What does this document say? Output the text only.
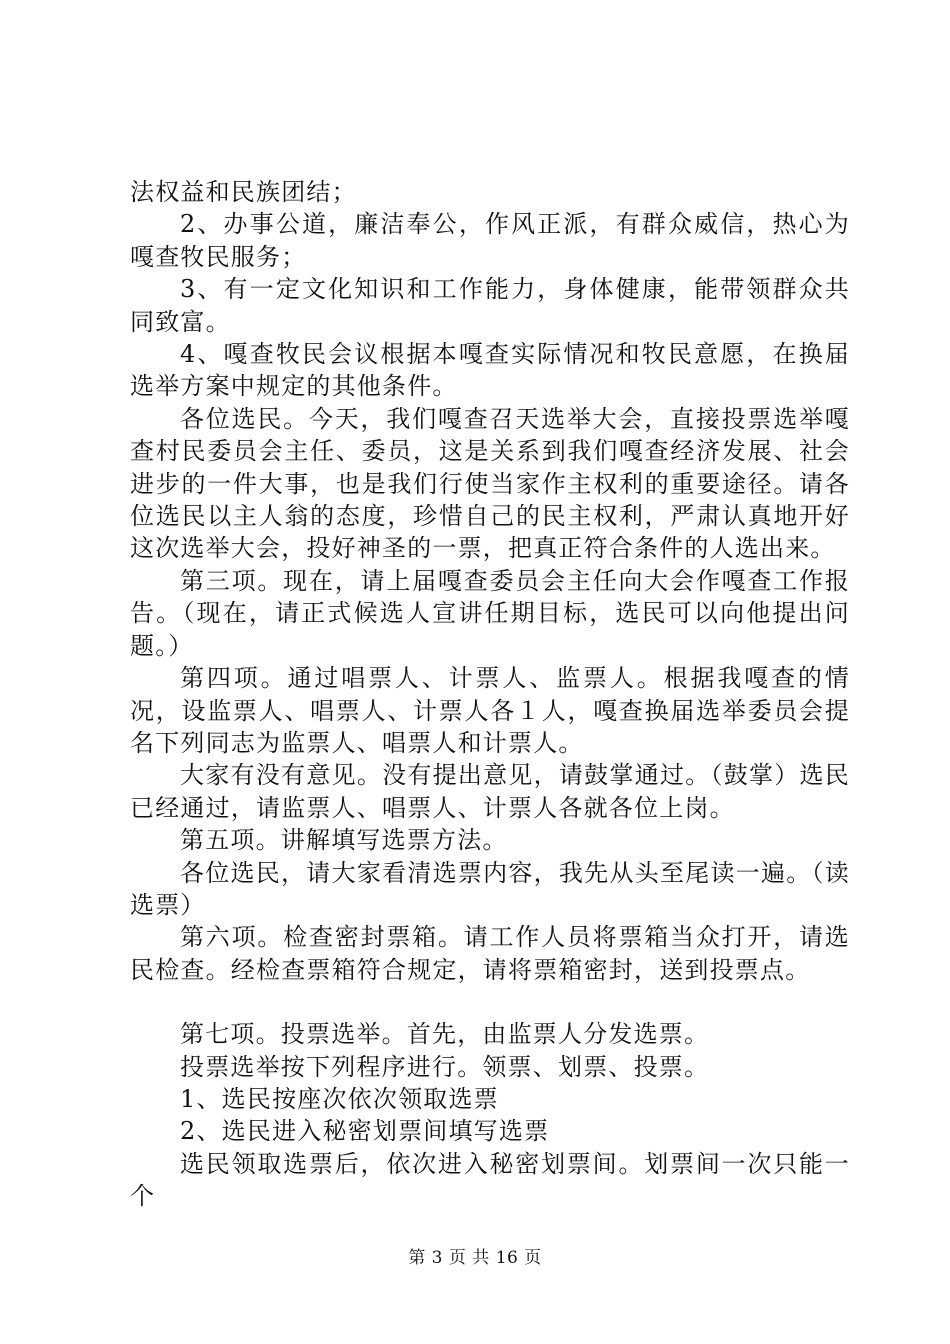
法权益和民族团结；

2、办事公道，廉洁奉公，作风正派，有群众威信，热心为嘎查牧民服务；

3、有一定文化知识和工作能力，身体健康，能带领群众共同致富。

4、嘎查牧民会议根据本嘎查实际情况和牧民意愿，在换届选举方案中规定的其他条件。

各位选民。今天，我们嘎查召天选举大会，直接投票选举嘎查村民委员会主任、委员，这是关系到我们嘎查经济发展、社会进步的一件大事，也是我们行使当家作主权利的重要途径。请各位选民以主人翁的态度，珍惜自己的民主权利，严肃认真地开好这次选举大会，投好神圣的一票，把真正符合条件的人选出来。

第三项。现在，请上届嘎查委员会主任向大会作嘎查工作报告。（现在，请正式候选人宣讲任期目标，选民可以向他提出问题。）

第四项。通过唱票人、计票人、监票人。根据我嘎查的情况，设监票人、唱票人、计票人各１人，嘎查换届选举委员会提名下列同志为监票人、唱票人和计票人。

大家有没有意见。没有提出意见，请鼓掌通过。（鼓掌）选民已经通过，请监票人、唱票人、计票人各就各位上岗。

第五项。讲解填写选票方法。

各位选民，请大家看清选票内容，我先从头至尾读一遍。（读选票）

第六项。检查密封票箱。请工作人员将票箱当众打开，请选民检查。经检查票箱符合规定，请将票箱密封，送到投票点。

第七项。投票选举。首先，由监票人分发选票。

投票选举按下列程序进行。领票、划票、投票。

1、选民按座次依次领取选票

2、选民进入秘密划票间填写选票

选民领取选票后，依次进入秘密划票间。划票间一次只能一个

第 3 页 共 16 页
